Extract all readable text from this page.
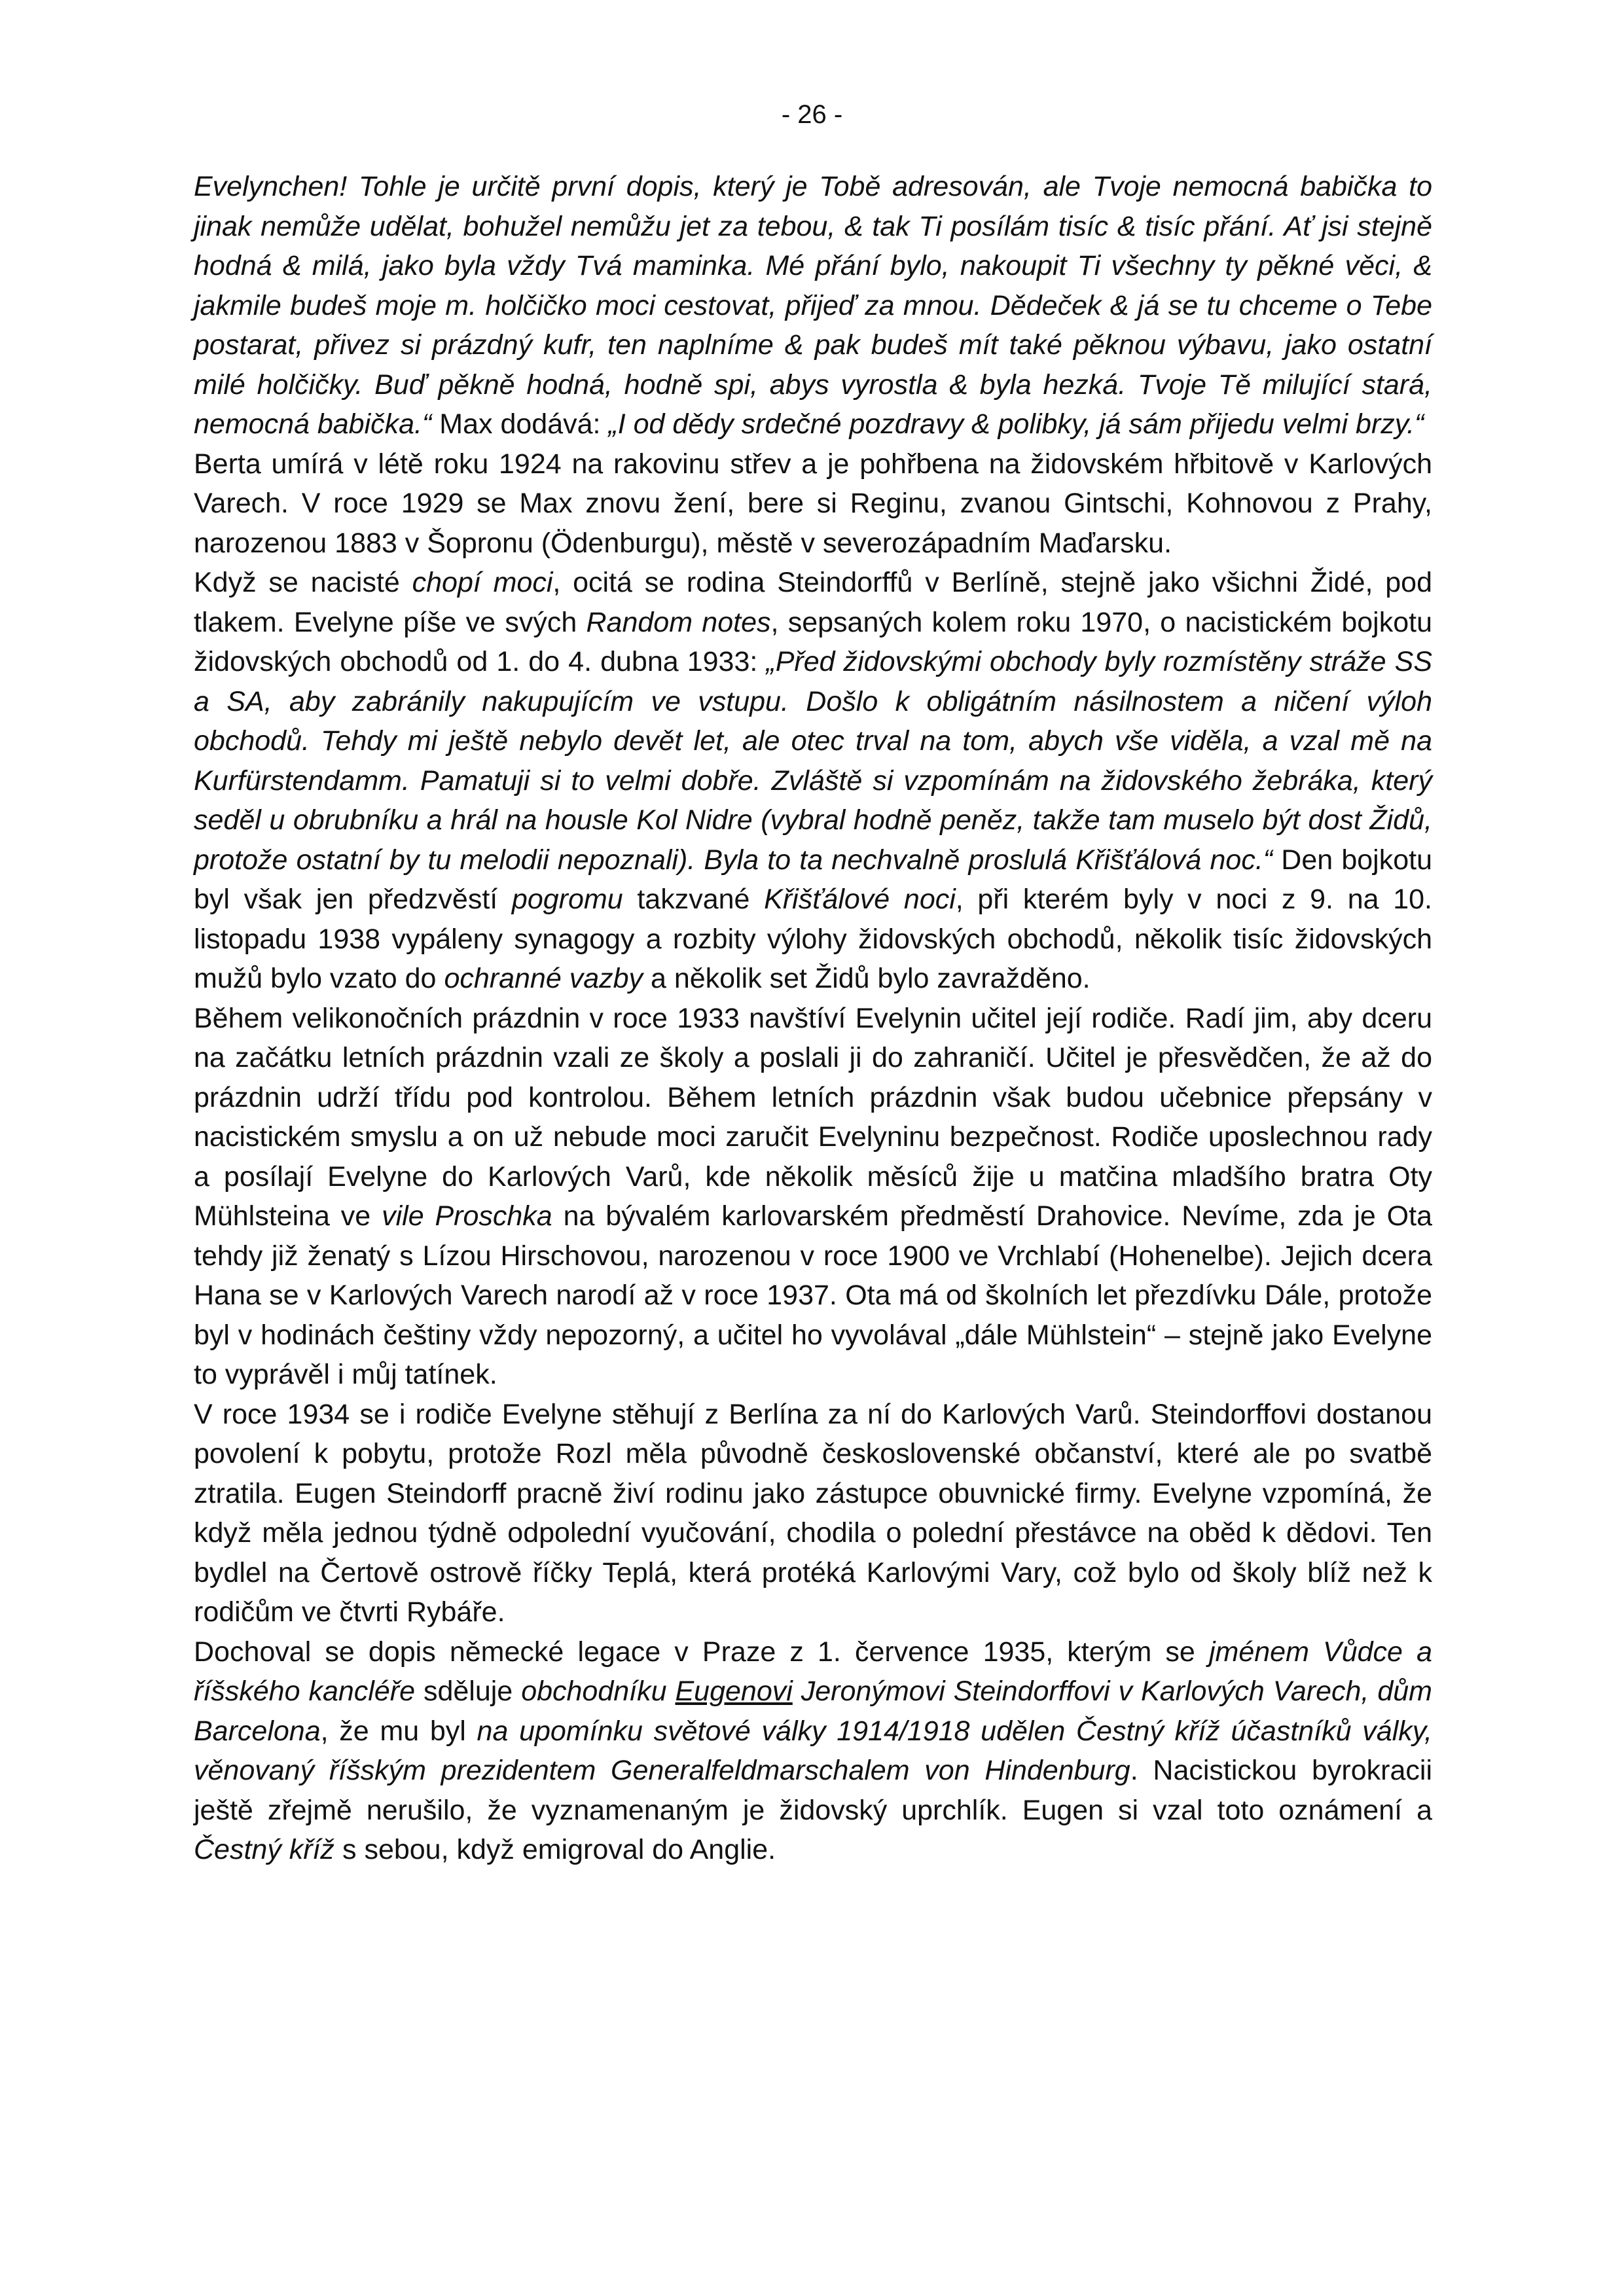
- 26 -

Evelynchen! Tohle je určitě první dopis, který je Tobě adresován, ale Tvoje nemocná babička to jinak nemůže udělat, bohužel nemůžu jet za tebou, & tak Ti posílám tisíc & tisíc přání. Ať jsi stejně hodná & milá, jako byla vždy Tvá maminka. Mé přání bylo, nakoupit Ti všechny ty pěkné věci, & jakmile budeš moje m. holčičko moci cestovat, přijeď za mnou. Dědeček & já se tu chceme o Tebe postarat, přivez si prázdný kufr, ten naplníme & pak budeš mít také pěknou výbavu, jako ostatní milé holčičky. Buď pěkně hodná, hodně spi, abys vyrostla & byla hezká. Tvoje Tě milující stará, nemocná babička.“ Max dodává: „I od dědy srdečné pozdravy & polibky, já sám přijedu velmi brzy.“

Berta umírá v létě roku 1924 na rakovinu střev a je pohřbena na židovském hřbitově v Karlových Varech. V roce 1929 se Max znovu žení, bere si Reginu, zvanou Gintschi, Kohnovou z Prahy, narozenou 1883 v Šopronu (Ödenburgu), městě v severozápadním Maďarsku.

Když se nacisté chopí moci, ocitá se rodina Steindorffů v Berlíně, stejně jako všichni Židé, pod tlakem. Evelyne píše ve svých Random notes, sepsaných kolem roku 1970, o nacistickém bojkotu židovských obchodů od 1. do 4. dubna 1933: „Před židovskými obchody byly rozmístěny stráže SS a SA, aby zabránily nakupujícím ve vstupu. Došlo k obligátním násilnostem a ničení výloh obchodů. Tehdy mi ještě nebylo devět let, ale otec trval na tom, abych vše viděla, a vzal mě na Kurfürstendamm. Pamatuji si to velmi dobře. Zvláště si vzpomínám na židovského žebráka, který seděl u obrubníku a hrál na housle Kol Nidre (vybral hodně peněz, takže tam muselo být dost Židů, protože ostatní by tu melodii nepoznali). Byla to ta nechvalně proslulá Křišťálová noc.“ Den bojkotu byl však jen předzvěstí pogromu takzvané Křišťálové noci, při kterém byly v noci z 9. na 10. listopadu 1938 vypáleny synagogy a rozbity výlohy židovských obchodů, několik tisíc židovských mužů bylo vzato do ochranné vazby a několik set Židů bylo zavražděno.

Během velikonočních prázdnin v roce 1933 navštíví Evelynin učitel její rodiče. Radí jim, aby dceru na začátku letních prázdnin vzali ze školy a poslali ji do zahraničí. Učitel je přesvědčen, že až do prázdnin udrží třídu pod kontrolou. Během letních prázdnin však budou učebnice přepsány v nacistickém smyslu a on už nebude moci zaručit Evelyninu bezpečnost. Rodiče uposlechnou rady a posílají Evelyne do Karlových Varů, kde několik měsíců žije u matčina mladšího bratra Oty Mühlsteina ve vile Proschka na bývalém karlovarském předměstí Drahovice. Nevíme, zda je Ota tehdy již ženatý s Lízou Hirschovou, narozenou v roce 1900 ve Vrchlabí (Hohenelbe). Jejich dcera Hana se v Karlových Varech narodí až v roce 1937. Ota má od školních let přezdívku Dále, protože byl v hodinách češtiny vždy nepozorný, a učitel ho vyvolával „dále Mühlstein“ – stejně jako Evelyne to vyprávěl i můj tatínek.

V roce 1934 se i rodiče Evelyne stěhují z Berlína za ní do Karlových Varů. Steindorffovi dostanou povolení k pobytu, protože Rozl měla původně československé občanství, které ale po svatbě ztratila. Eugen Steindorff pracně živí rodinu jako zástupce obuvnické firmy. Evelyne vzpomíná, že když měla jednou týdně odpolední vyučování, chodila o polední přestávce na oběd k dědovi. Ten bydlel na Čertově ostrově říčky Teplá, která protéká Karlovými Vary, což bylo od školy blíž než k rodičům ve čtvrti Rybáře.

Dochoval se dopis německé legace v Praze z 1. července 1935, kterým se jménem Vůdce a říšského kancléře sděluje obchodníku Eugenovi Jeronýmovi Steindorffovi v Karlových Varech, dům Barcelona, že mu byl na upomínku světové války 1914/1918 udělen Čestný kříž účastníků války, věnovaný říšským prezidentem Generalfeldmarschalem von Hindenburg. Nacistickou byrokracii ještě zřejmě nerušilo, že vyznamenaným je židovský uprchlík. Eugen si vzal toto oznámení a Čestný kříž s sebou, když emigroval do Anglie.
